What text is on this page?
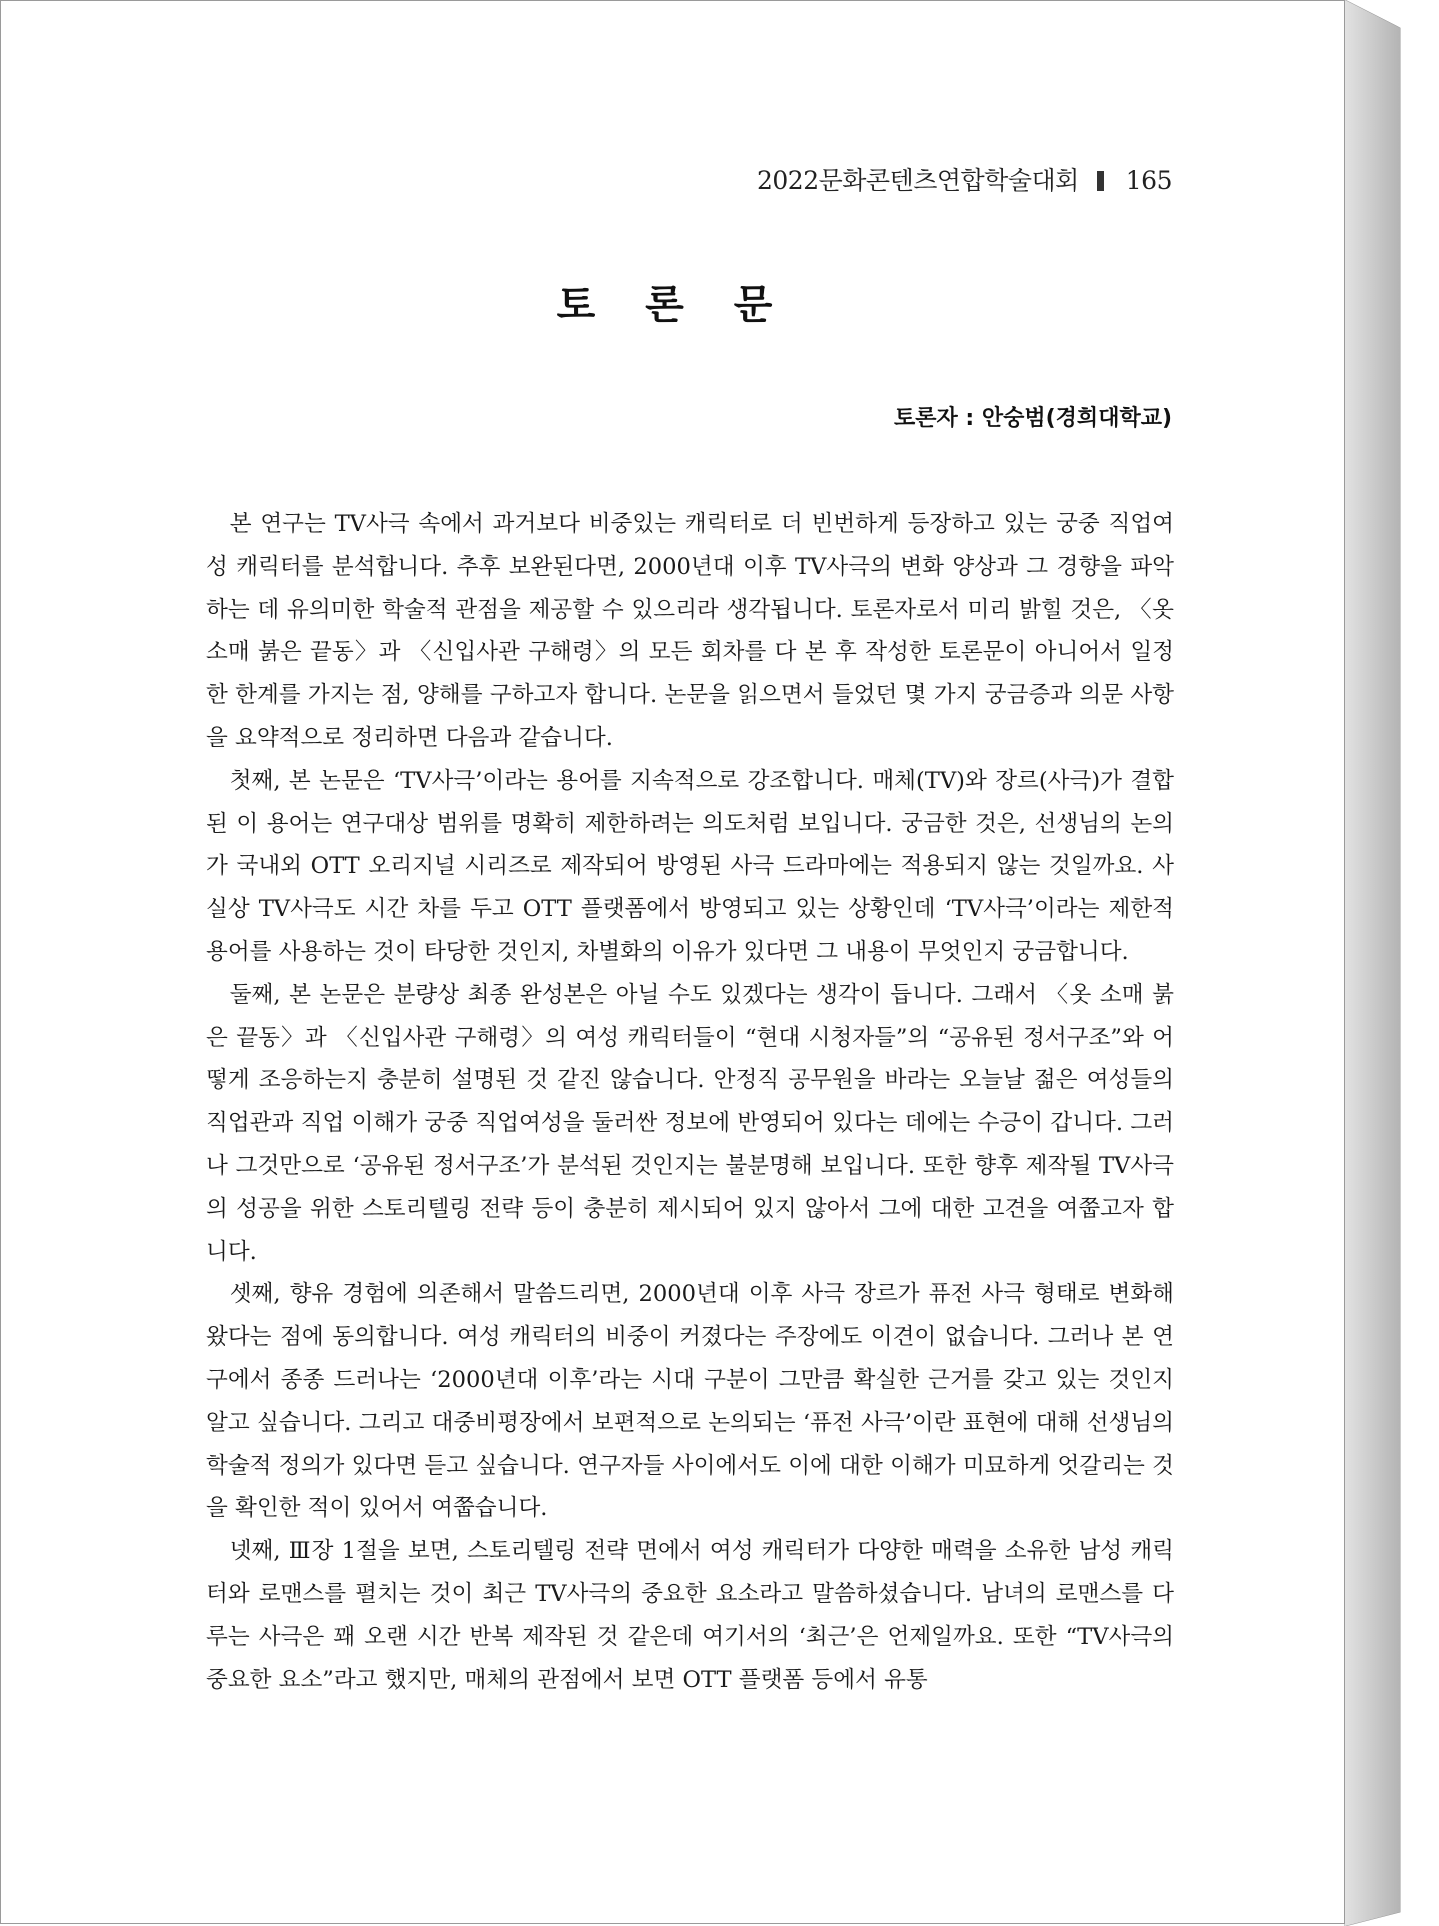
2022문화콘텐츠연합학술대회 165
토 론 문
토론자 : 안숭범(경희대학교)

본 연구는 TV사극 속에서 과거보다 비중있는 캐릭터로 더 빈번하게 등장하고 있는 궁중 직업여성 캐릭터를 분석합니다. 추후 보완된다면, 2000년대 이후 TV사극의 변화 양상과 그 경향을 파악하는 데 유의미한 학술적 관점을 제공할 수 있으리라 생각됩니다. 토론자로서 미리 밝힐 것은, 〈옷 소매 붉은 끝동〉과 〈신입사관 구해령〉의 모든 회차를 다 본 후 작성한 토론문이 아니어서 일정한 한계를 가지는 점, 양해를 구하고자 합니다. 논문을 읽으면서 들었던 몇 가지 궁금증과 의문 사항을 요약적으로 정리하면 다음과 같습니다.

첫째, 본 논문은 ‘TV사극’이라는 용어를 지속적으로 강조합니다. 매체(TV)와 장르(사극)가 결합된 이 용어는 연구대상 범위를 명확히 제한하려는 의도처럼 보입니다. 궁금한 것은, 선생님의 논의가 국내외 OTT 오리지널 시리즈로 제작되어 방영된 사극 드라마에는 적용되지 않는 것일까요. 사실상 TV사극도 시간 차를 두고 OTT 플랫폼에서 방영되고 있는 상황인데 ‘TV사극’이라는 제한적 용어를 사용하는 것이 타당한 것인지, 차별화의 이유가 있다면 그 내용이 무엇인지 궁금합니다.

둘째, 본 논문은 분량상 최종 완성본은 아닐 수도 있겠다는 생각이 듭니다. 그래서 〈옷 소매 붉은 끝동〉과 〈신입사관 구해령〉의 여성 캐릭터들이 “현대 시청자들”의 “공유된 정서구조”와 어떻게 조응하는지 충분히 설명된 것 같진 않습니다. 안정직 공무원을 바라는 오늘날 젊은 여성들의 직업관과 직업 이해가 궁중 직업여성을 둘러싼 정보에 반영되어 있다는 데에는 수긍이 갑니다. 그러나 그것만으로 ‘공유된 정서구조’가 분석된 것인지는 불분명해 보입니다. 또한 향후 제작될 TV사극의 성공을 위한 스토리텔링 전략 등이 충분히 제시되어 있지 않아서 그에 대한 고견을 여쭙고자 합니다.

셋째, 향유 경험에 의존해서 말씀드리면, 2000년대 이후 사극 장르가 퓨전 사극 형태로 변화해 왔다는 점에 동의합니다. 여성 캐릭터의 비중이 커졌다는 주장에도 이견이 없습니다. 그러나 본 연구에서 종종 드러나는 ‘2000년대 이후’라는 시대 구분이 그만큼 확실한 근거를 갖고 있는 것인지 알고 싶습니다. 그리고 대중비평장에서 보편적으로 논의되는 ‘퓨전 사극’이란 표현에 대해 선생님의 학술적 정의가 있다면 듣고 싶습니다. 연구자들 사이에서도 이에 대한 이해가 미묘하게 엇갈리는 것을 확인한 적이 있어서 여쭙습니다.

넷째, Ⅲ장 1절을 보면, 스토리텔링 전략 면에서 여성 캐릭터가 다양한 매력을 소유한 남성 캐릭터와 로맨스를 펼치는 것이 최근 TV사극의 중요한 요소라고 말씀하셨습니다. 남녀의 로맨스를 다루는 사극은 꽤 오랜 시간 반복 제작된 것 같은데 여기서의 ‘최근’은 언제일까요. 또한 “TV사극의 중요한 요소”라고 했지만, 매체의 관점에서 보면 OTT 플랫폼 등에서 유통
